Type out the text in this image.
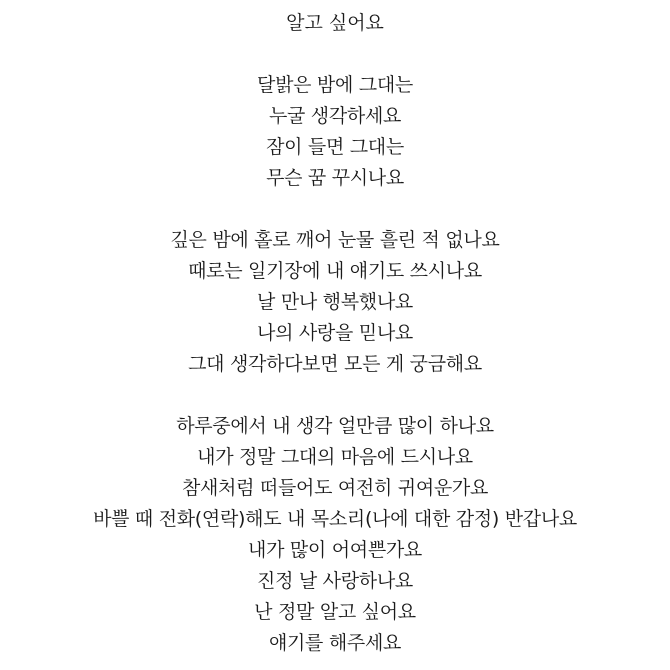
알고 싶어요
달밝은 밤에 그대는
누굴 생각하세요
잠이 들면 그대는
무슨 꿈 꾸시나요
깊은 밤에 홀로 깨어 눈물 흘린 적 없나요
때로는 일기장에 내 얘기도 쓰시나요
날 만나 행복했나요
나의 사랑을 믿나요
그대 생각하다보면 모든 게 궁금해요
하루중에서 내 생각 얼만큼 많이 하나요
내가 정말 그대의 마음에 드시나요
참새처럼 떠들어도 여전히 귀여운가요
바쁠 때 전화(연락)해도 내 목소리(나에 대한 감정) 반갑나요
내가 많이 어여쁜가요
진정 날 사랑하나요
난 정말 알고 싶어요
얘기를 해주세요
